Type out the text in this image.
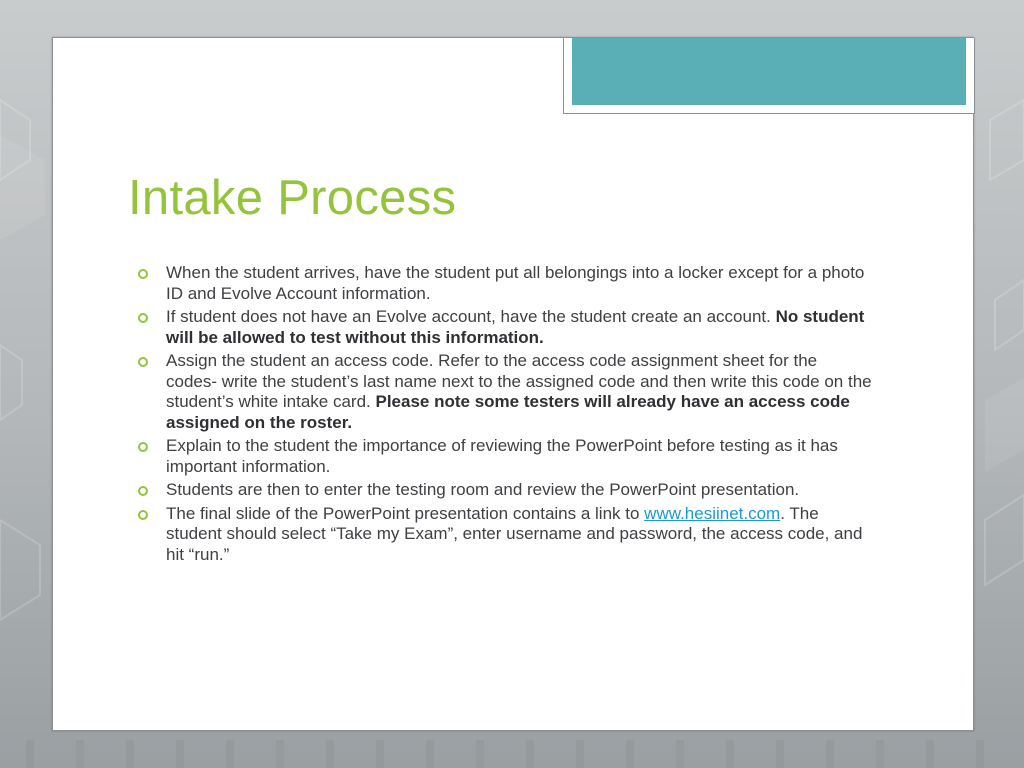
Intake Process
When the student arrives, have the student put all belongings into a locker except for a photo ID and Evolve Account information.
If student does not have an Evolve account, have the student create an account. No student will be allowed to test without this information.
Assign the student an access code. Refer to the access code assignment sheet for the codes- write the student’s last name next to the assigned code and then write this code on the student’s white intake card. Please note some testers will already have an access code assigned on the roster.
Explain to the student the importance of reviewing the PowerPoint before testing as it has important information.
Students are then to enter the testing room and review the PowerPoint presentation.
The final slide of the PowerPoint presentation contains a link to www.hesiinet.com. The student should select “Take my Exam”, enter username and password, the access code, and hit “run.”
